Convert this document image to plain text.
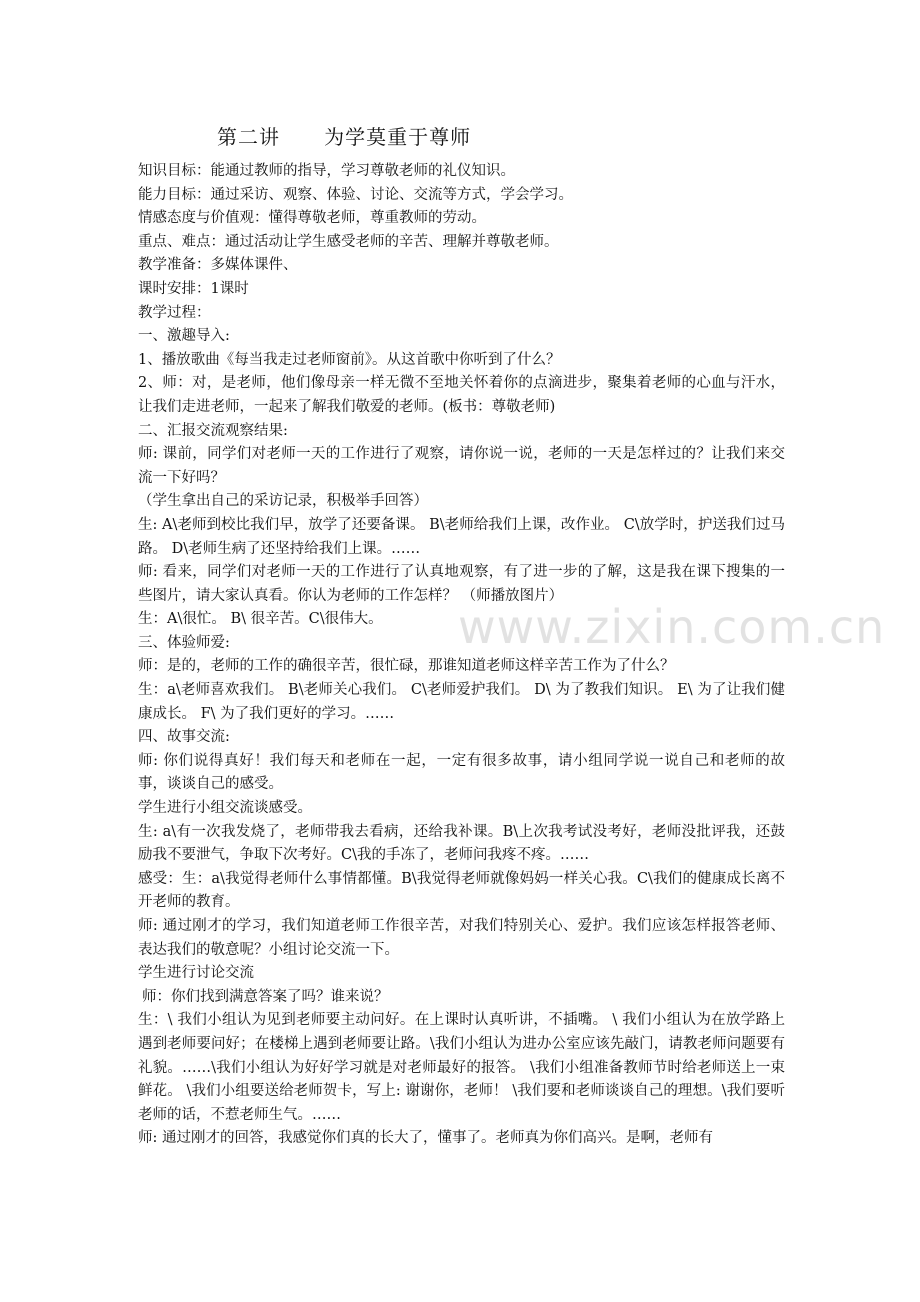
第二讲      为学莫重于尊师

知识目标：能通过教师的指导，学习尊敬老师的礼仪知识。

能力目标：通过采访、观察、体验、讨论、交流等方式，学会学习。

情感态度与价值观：懂得尊敬老师，尊重教师的劳动。

重点、难点：通过活动让学生感受老师的辛苦、理解并尊敬老师。

教学准备：多媒体课件、

课时安排：1课时

教学过程：

一、激趣导入:

1、播放歌曲《每当我走过老师窗前》。从这首歌中你听到了什么？

2、师：对，是老师，他们像母亲一样无微不至地关怀着你的点滴进步，聚集着老师的心血与汗水，让我们走进老师，一起来了解我们敬爱的老师。(板书：尊敬老师)

二、汇报交流观察结果:

师: 课前，同学们对老师一天的工作进行了观察，请你说一说，老师的一天是怎样过的？让我们来交流一下好吗？

（学生拿出自己的采访记录，积极举手回答）

生: A\老师到校比我们早，放学了还要备课。 B\老师给我们上课，改作业。 C\放学时，护送我们过马路。 D\老师生病了还坚持给我们上课。……

师: 看来，同学们对老师一天的工作进行了认真地观察，有了进一步的了解，这是我在课下搜集的一些图片，请大家认真看。你认为老师的工作怎样？ （师播放图片）

生：A\很忙。 B\ 很辛苦。C\很伟大。

三、体验师爱:

师：是的，老师的工作的确很辛苦，很忙碌，那谁知道老师这样辛苦工作为了什么？

生：a\老师喜欢我们。 B\老师关心我们。 C\老师爱护我们。 D\ 为了教我们知识。 E\ 为了让我们健康成长。 F\ 为了我们更好的学习。……

四、故事交流:

师: 你们说得真好！我们每天和老师在一起，一定有很多故事，请小组同学说一说自己和老师的故事，谈谈自己的感受。

学生进行小组交流谈感受。

生: a\有一次我发烧了，老师带我去看病，还给我补课。B\上次我考试没考好，老师没批评我，还鼓励我不要泄气，争取下次考好。C\我的手冻了，老师问我疼不疼。……

感受：生：a\我觉得老师什么事情都懂。B\我觉得老师就像妈妈一样关心我。C\我们的健康成长离不开老师的教育。

师: 通过刚才的学习，我们知道老师工作很辛苦，对我们特别关心、爱护。我们应该怎样报答老师、表达我们的敬意呢？小组讨论交流一下。

学生进行讨论交流

师：你们找到满意答案了吗？谁来说？

生：\ 我们小组认为见到老师要主动问好。在上课时认真听讲，不插嘴。 \ 我们小组认为在放学路上遇到老师要问好；在楼梯上遇到老师要让路。\我们小组认为进办公室应该先敲门，请教老师问题要有礼貌。……\我们小组认为好好学习就是对老师最好的报答。 \我们小组准备教师节时给老师送上一束鲜花。 \我们小组要送给老师贺卡，写上: 谢谢你，老师！ \我们要和老师谈谈自己的理想。\我们要听老师的话，不惹老师生气。……

师: 通过刚才的回答，我感觉你们真的长大了，懂事了。老师真为你们高兴。是啊，老师有

www.zixin.com.cn
